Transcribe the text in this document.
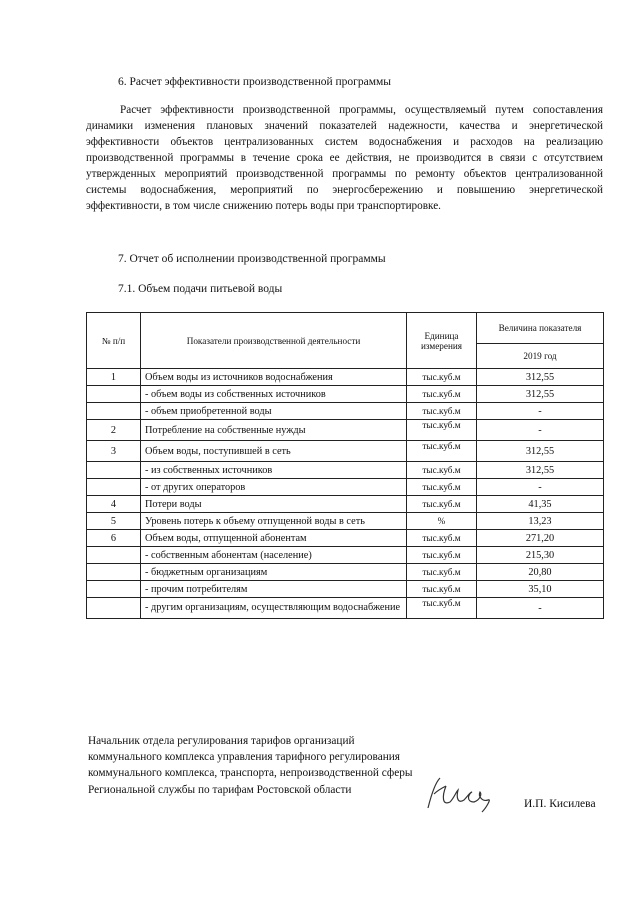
6. Расчет эффективности производственной программы
Расчет эффективности производственной программы, осуществляемый путем сопоставления динамики изменения плановых значений показателей надежности, качества и энергетической эффективности объектов централизованных систем водоснабжения и расходов на реализацию производственной программы в течение срока ее действия, не производится в связи с отсутствием утвержденных мероприятий производственной программы по ремонту объектов централизованной системы водоснабжения, мероприятий по энергосбережению и повышению энергетической эффективности, в том числе снижению потерь воды при транспортировке.
7. Отчет об исполнении производственной программы
7.1. Объем подачи питьевой воды
№ п/п	Показатели производственной деятельности	Единица измерения	Величина показателя
			2019 год
1	Объем воды из источников водоснабжения	тыс.куб.м	312,55
	- объем воды из собственных источников	тыс.куб.м	312,55
	- объем приобретенной воды	тыс.куб.м	-
2	Потребление на собственные нужды	тыс.куб.м	-
3	Объем воды, поступившей в сеть	тыс.куб.м	312,55
	- из собственных источников	тыс.куб.м	312,55
	- от других операторов	тыс.куб.м	-
4	Потери воды	тыс.куб.м	41,35
5	Уровень потерь к объему отпущенной воды в сеть	%	13,23
6	Объем воды, отпущенной абонентам	тыс.куб.м	271,20
	- собственным абонентам (население)	тыс.куб.м	215,30
	- бюджетным организациям	тыс.куб.м	20,80
	- прочим потребителям	тыс.куб.м	35,10
	- другим организациям, осуществляющим водоснабжение	тыс.куб.м	-
Начальник отдела регулирования тарифов организаций коммунального комплекса управления тарифного регулирования коммунального комплекса, транспорта, непроизводственной сферы Региональной службы по тарифам Ростовской области
Кисл
И.П. Кисилева
